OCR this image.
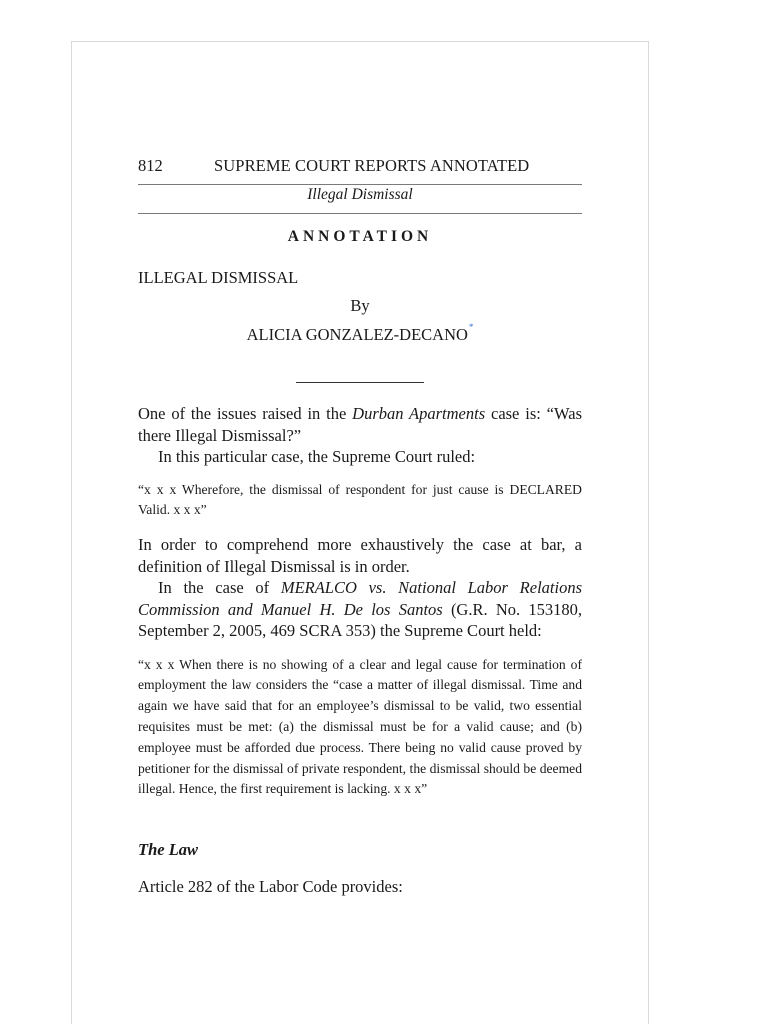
812	SUPREME COURT REPORTS ANNOTATED
Illegal Dismissal
ANNOTATION
ILLEGAL DISMISSAL
By
ALICIA GONZALEZ-DECANO*

One of the issues raised in the Durban Apartments case is: “Was there Illegal Dismissal?”

In this particular case, the Supreme Court ruled:

“x x x Wherefore, the dismissal of respondent for just cause is DECLARED Valid. x x x”

In order to comprehend more exhaustively the case at bar, a definition of Illegal Dismissal is in order.

In the case of MERALCO vs. National Labor Relations Commission and Manuel H. De los Santos (G.R. No. 153180, September 2, 2005, 469 SCRA 353) the Supreme Court held:

“x x x When there is no showing of a clear and legal cause for termination of employment the law considers the “case a matter of illegal dismissal. Time and again we have said that for an employee’s dismissal to be valid, two essential requisites must be met: (a) the dismissal must be for a valid cause; and (b) employee must be afforded due process. There being no valid cause proved by petitioner for the dismissal of private respondent, the dismissal should be deemed illegal. Hence, the first requirement is lacking. x x x”

The Law

Article 282 of the Labor Code provides:
